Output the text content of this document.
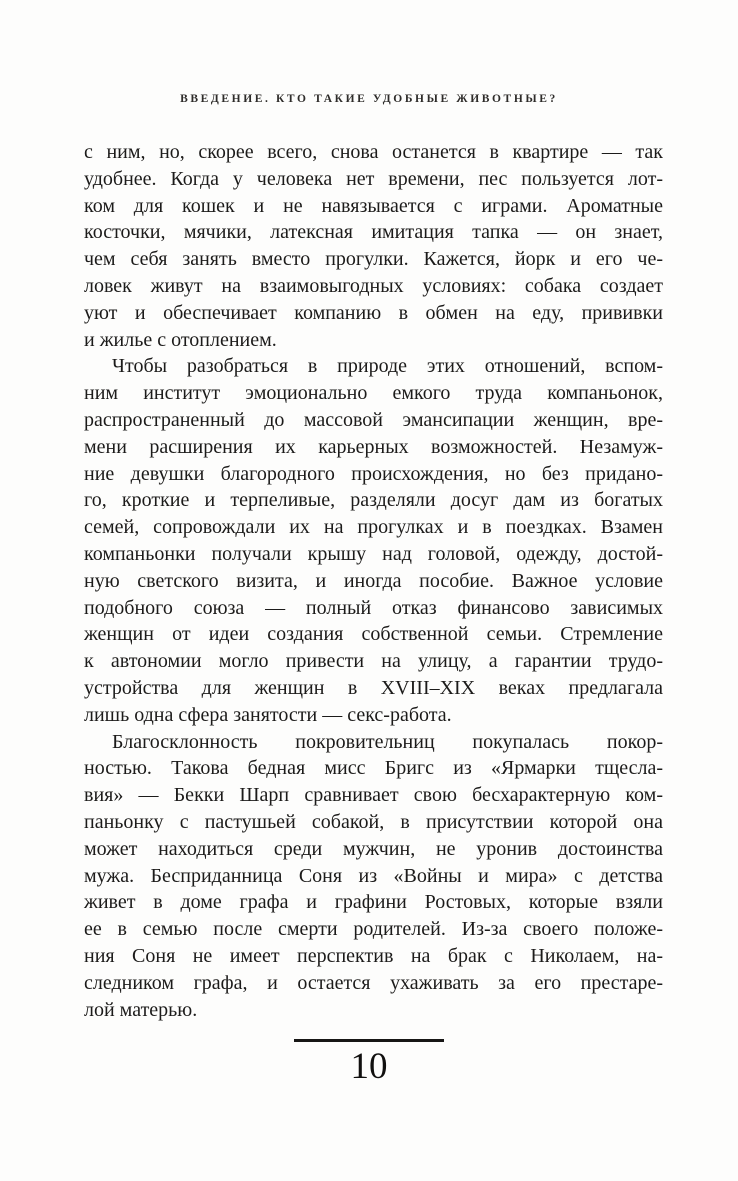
ВВЕДЕНИЕ. КТО ТАКИЕ УДОБНЫЕ ЖИВОТНЫЕ?
с ним, но, скорее всего, снова останется в квартире — так
удобнее. Когда у человека нет времени, пес пользуется лот-
ком для кошек и не навязывается с играми. Ароматные
косточки, мячики, латексная имитация тапка — он знает,
чем себя занять вместо прогулки. Кажется, йорк и его че-
ловек живут на взаимовыгодных условиях: собака создает
уют и обеспечивает компанию в обмен на еду, прививки
и жилье с отоплением.
Чтобы разобраться в природе этих отношений, вспом-
ним институт эмоционально емкого труда компаньонок,
распространенный до массовой эмансипации женщин, вре-
мени расширения их карьерных возможностей. Незамуж-
ние девушки благородного происхождения, но без придано-
го, кроткие и терпеливые, разделяли досуг дам из богатых
семей, сопровождали их на прогулках и в поездках. Взамен
компаньонки получали крышу над головой, одежду, достой-
ную светского визита, и иногда пособие. Важное условие
подобного союза — полный отказ финансово зависимых
женщин от идеи создания собственной семьи. Стремление
к автономии могло привести на улицу, а гарантии трудо-
устройства для женщин в XVIII–XIX веках предлагала
лишь одна сфера занятости — секс-работа.
Благосклонность покровительниц покупалась покор-
ностью. Такова бедная мисс Бригс из «Ярмарки тщесла-
вия» — Бекки Шарп сравнивает свою бесхарактерную ком-
паньонку с пастушьей собакой, в присутствии которой она
может находиться среди мужчин, не уронив достоинства
мужа. Бесприданница Соня из «Войны и мира» с детства
живет в доме графа и графини Ростовых, которые взяли
ее в семью после смерти родителей. Из-за своего положе-
ния Соня не имеет перспектив на брак с Николаем, на-
следником графа, и остается ухаживать за его престаре-
лой матерью.
10
